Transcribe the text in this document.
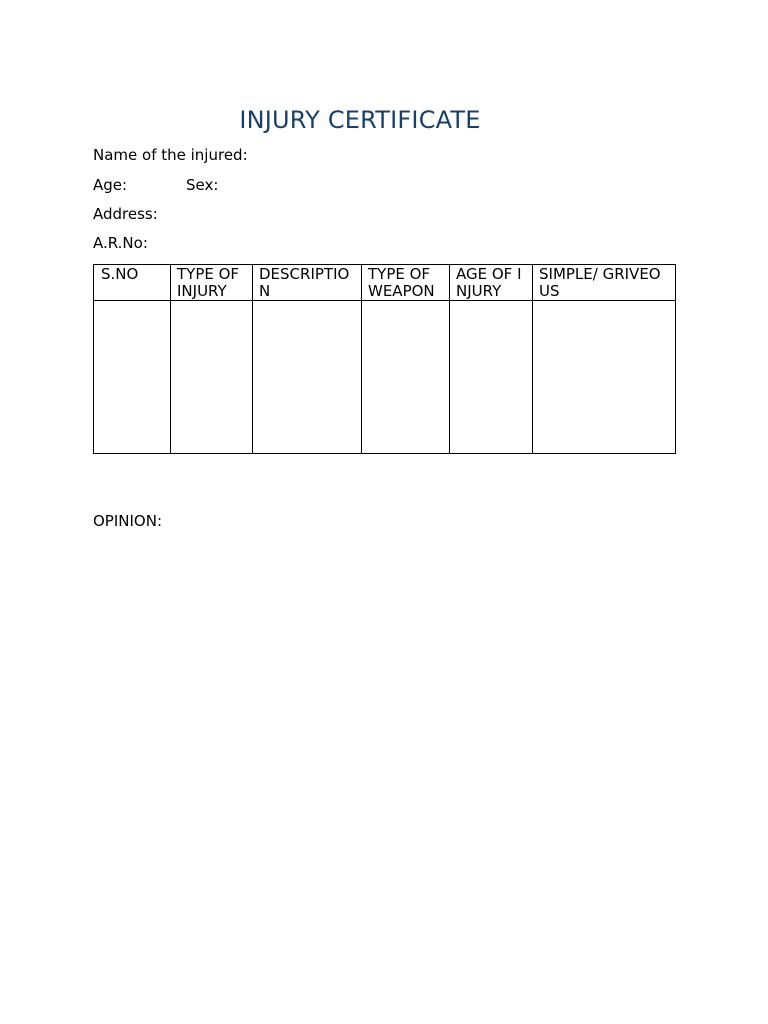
INJURY CERTIFICATE
Name of the injured:
Age:	Sex:
Address:
A.R.No:
S.NO	TYPE OF INJURY	DESCRIPTION	TYPE OF WEAPON	AGE OF INJURY	SIMPLE/ GRIVEOUS

OPINION:
